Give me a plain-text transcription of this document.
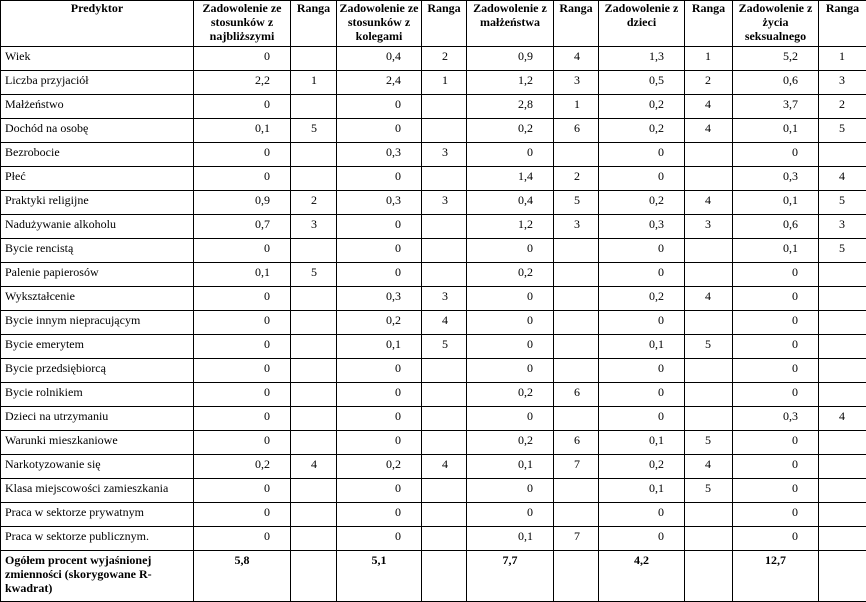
Predyktor	Zadowolenie ze stosunków z najbliższymi	Ranga	Zadowolenie ze stosunków z kolegami	Ranga	Zadowolenie z małżeństwa	Ranga	Zadowolenie z dzieci	Ranga	Zadowolenie z życia seksualnego	Ranga
Wiek	0		0,4	2	0,9	4	1,3	1	5,2	1
Liczba przyjaciół	2,2	1	2,4	1	1,2	3	0,5	2	0,6	3
Małżeństwo	0		0		2,8	1	0,2	4	3,7	2
Dochód na osobę	0,1	5	0		0,2	6	0,2	4	0,1	5
Bezrobocie	0		0,3	3	0		0		0	
Płeć	0		0		1,4	2	0		0,3	4
Praktyki religijne	0,9	2	0,3	3	0,4	5	0,2	4	0,1	5
Nadużywanie alkoholu	0,7	3	0		1,2	3	0,3	3	0,6	3
Bycie rencistą	0		0		0		0		0,1	5
Palenie papierosów	0,1	5	0		0,2		0		0	
Wykształcenie	0		0,3	3	0		0,2	4	0	
Bycie innym niepracującym	0		0,2	4	0		0		0	
Bycie emerytem	0		0,1	5	0		0,1	5	0	
Bycie przedsiębiorcą	0		0		0		0		0	
Bycie rolnikiem	0		0		0,2	6	0		0	
Dzieci na utrzymaniu	0		0		0		0		0,3	4
Warunki mieszkaniowe	0		0		0,2	6	0,1	5	0	
Narkotyzowanie się	0,2	4	0,2	4	0,1	7	0,2	4	0	
Klasa miejscowości zamieszkania	0		0		0		0,1	5	0	
Praca w sektorze prywatnym	0		0		0		0		0	
Praca w sektorze publicznym.	0		0		0,1	7	0		0	
Ogółem procent wyjaśnionej zmienności (skorygowane R-kwadrat)	5,8		5,1		7,7		4,2		12,7	
